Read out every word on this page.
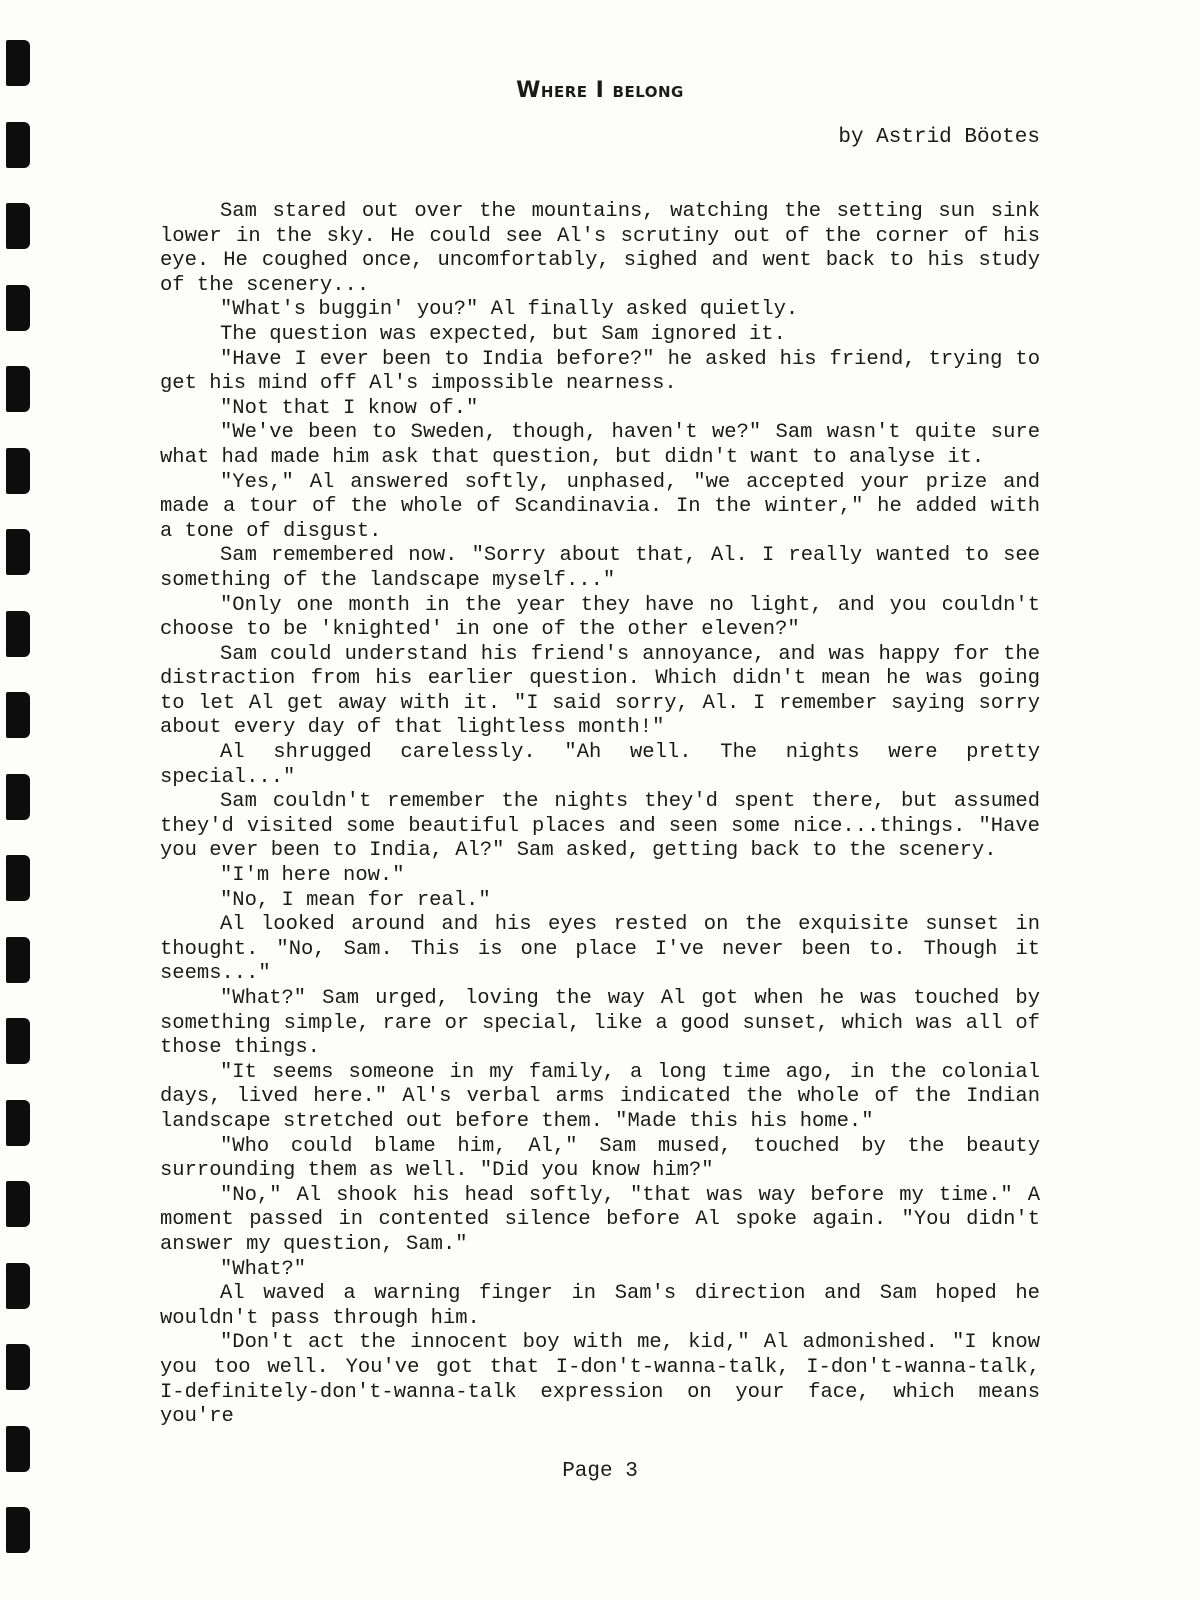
Where I belong
by Astrid Böotes

Sam stared out over the mountains, watching the setting sun sink lower in the sky. He could see Al's scrutiny out of the corner of his eye. He coughed once, uncomfortably, sighed and went back to his study of the scenery...

"What's buggin' you?" Al finally asked quietly.

The question was expected, but Sam ignored it.

"Have I ever been to India before?" he asked his friend, trying to get his mind off Al's impossible nearness.

"Not that I know of."

"We've been to Sweden, though, haven't we?" Sam wasn't quite sure what had made him ask that question, but didn't want to analyse it.

"Yes," Al answered softly, unphased, "we accepted your prize and made a tour of the whole of Scandinavia. In the winter," he added with a tone of disgust.

Sam remembered now. "Sorry about that, Al. I really wanted to see something of the landscape myself..."

"Only one month in the year they have no light, and you couldn't choose to be 'knighted' in one of the other eleven?"

Sam could understand his friend's annoyance, and was happy for the distraction from his earlier question. Which didn't mean he was going to let Al get away with it. "I said sorry, Al. I remember saying sorry about every day of that lightless month!"

Al shrugged carelessly. "Ah well. The nights were pretty special..."

Sam couldn't remember the nights they'd spent there, but assumed they'd visited some beautiful places and seen some nice...things. "Have you ever been to India, Al?" Sam asked, getting back to the scenery.

"I'm here now."

"No, I mean for real."

Al looked around and his eyes rested on the exquisite sunset in thought. "No, Sam. This is one place I've never been to. Though it seems..."

"What?" Sam urged, loving the way Al got when he was touched by something simple, rare or special, like a good sunset, which was all of those things.

"It seems someone in my family, a long time ago, in the colonial days, lived here." Al's verbal arms indicated the whole of the Indian landscape stretched out before them. "Made this his home."

"Who could blame him, Al," Sam mused, touched by the beauty surrounding them as well. "Did you know him?"

"No," Al shook his head softly, "that was way before my time." A moment passed in contented silence before Al spoke again. "You didn't answer my question, Sam."

"What?"

Al waved a warning finger in Sam's direction and Sam hoped he wouldn't pass through him.

"Don't act the innocent boy with me, kid," Al admonished. "I know you too well. You've got that I-don't-wanna-talk, I-don't-wanna-talk, I-definitely-don't-wanna-talk expression on your face, which means you're

Page 3
